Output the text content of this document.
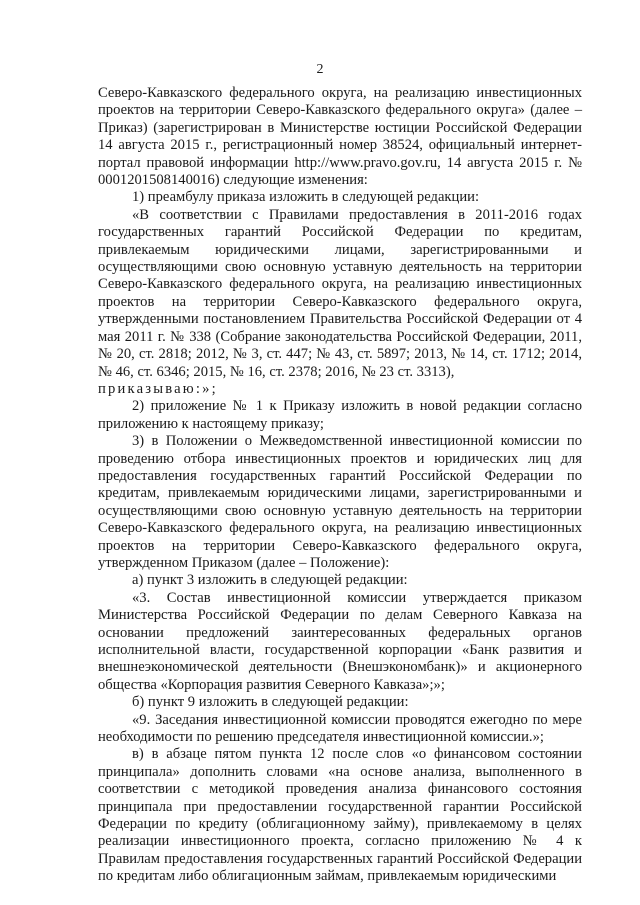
2

Северо-Кавказского федерального округа, на реализацию инвестиционных проектов на территории Северо-Кавказского федерального округа» (далее – Приказ) (зарегистрирован в Министерстве юстиции Российской Федерации 14 августа 2015 г., регистрационный номер 38524, официальный интернет-портал правовой информации http://www.pravo.gov.ru, 14 августа 2015 г. № 0001201508140016) следующие изменения:

1) преамбулу приказа изложить в следующей редакции:

«В соответствии с Правилами предоставления в 2011-2016 годах государственных гарантий Российской Федерации по кредитам, привлекаемым юридическими лицами, зарегистрированными и осуществляющими свою основную уставную деятельность на территории Северо-Кавказского федерального округа, на реализацию инвестиционных проектов на территории Северо-Кавказского федерального округа, утвержденными постановлением Правительства Российской Федерации от 4 мая 2011 г. № 338 (Собрание законодательства Российской Федерации, 2011, № 20, ст. 2818; 2012, № 3, ст. 447; № 43, ст. 5897; 2013, № 14, ст. 1712; 2014, № 46, ст. 6346; 2015, № 16, ст. 2378; 2016, № 23 ст. 3313),

приказываю:»;

2) приложение № 1 к Приказу изложить в новой редакции согласно приложению к настоящему приказу;

3) в Положении о Межведомственной инвестиционной комиссии по проведению отбора инвестиционных проектов и юридических лиц для предоставления государственных гарантий Российской Федерации по кредитам, привлекаемым юридическими лицами, зарегистрированными и осуществляющими свою основную уставную деятельность на территории Северо-Кавказского федерального округа, на реализацию инвестиционных проектов на территории Северо-Кавказского федерального округа, утвержденном Приказом (далее – Положение):

а) пункт 3 изложить в следующей редакции:

«3. Состав инвестиционной комиссии утверждается приказом Министерства Российской Федерации по делам Северного Кавказа на основании предложений заинтересованных федеральных органов исполнительной власти, государственной корпорации «Банк развития и внешнеэкономической деятельности (Внешэкономбанк)» и акционерного общества «Корпорация развития Северного Кавказа»;»;

б) пункт 9 изложить в следующей редакции:

«9. Заседания инвестиционной комиссии проводятся ежегодно по мере необходимости по решению председателя инвестиционной комиссии.»;

в) в абзаце пятом пункта 12 после слов «о финансовом состоянии принципала» дополнить словами «на основе анализа, выполненного в соответствии с методикой проведения анализа финансового состояния принципала при предоставлении государственной гарантии Российской Федерации по кредиту (облигационному займу), привлекаемому в целях реализации инвестиционного проекта, согласно приложению № 4 к Правилам предоставления государственных гарантий Российской Федерации по кредитам либо облигационным займам, привлекаемым юридическими
